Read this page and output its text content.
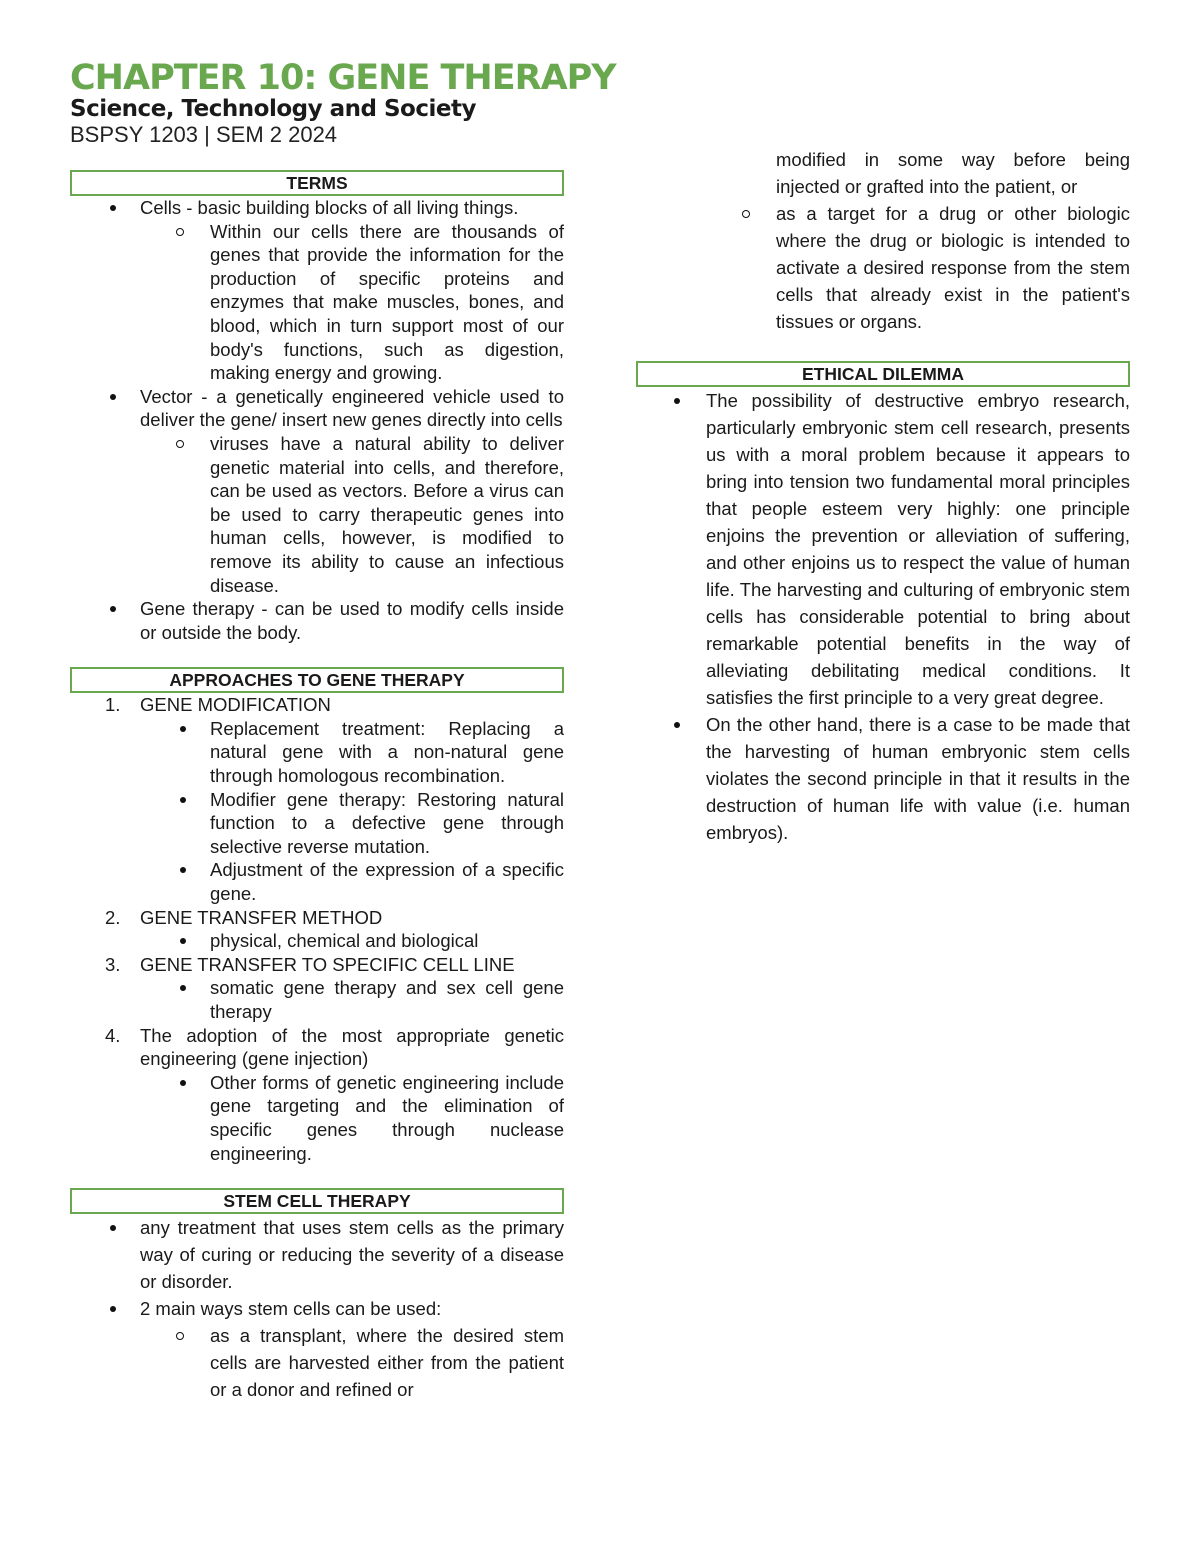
CHAPTER 10: GENE THERAPY
Science, Technology and Society
BSPSY 1203 | SEM 2 2024
TERMS
Cells - basic building blocks of all living things.
Within our cells there are thousands of genes that provide the information for the production of specific proteins and enzymes that make muscles, bones, and blood, which in turn support most of our body's functions, such as digestion, making energy and growing.
Vector - a genetically engineered vehicle used to deliver the gene/ insert new genes directly into cells
viruses have a natural ability to deliver genetic material into cells, and therefore, can be used as vectors. Before a virus can be used to carry therapeutic genes into human cells, however, is modified to remove its ability to cause an infectious disease.
Gene therapy - can be used to modify cells inside or outside the body.
APPROACHES TO GENE THERAPY
1. GENE MODIFICATION
Replacement treatment: Replacing a natural gene with a non-natural gene through homologous recombination.
Modifier gene therapy: Restoring natural function to a defective gene through selective reverse mutation.
Adjustment of the expression of a specific gene.
2. GENE TRANSFER METHOD
physical, chemical and biological
3. GENE TRANSFER TO SPECIFIC CELL LINE
somatic gene therapy and sex cell gene therapy
4. The adoption of the most appropriate genetic engineering (gene injection)
Other forms of genetic engineering include gene targeting and the elimination of specific genes through nuclease engineering.
STEM CELL THERAPY
any treatment that uses stem cells as the primary way of curing or reducing the severity of a disease or disorder.
2 main ways stem cells can be used:
as a transplant, where the desired stem cells are harvested either from the patient or a donor and refined or
modified in some way before being injected or grafted into the patient, or
as a target for a drug or other biologic where the drug or biologic is intended to activate a desired response from the stem cells that already exist in the patient's tissues or organs.
ETHICAL DILEMMA
The possibility of destructive embryo research, particularly embryonic stem cell research, presents us with a moral problem because it appears to bring into tension two fundamental moral principles that people esteem very highly: one principle enjoins the prevention or alleviation of suffering, and other enjoins us to respect the value of human life. The harvesting and culturing of embryonic stem cells has considerable potential to bring about remarkable potential benefits in the way of alleviating debilitating medical conditions. It satisfies the first principle to a very great degree.
On the other hand, there is a case to be made that the harvesting of human embryonic stem cells violates the second principle in that it results in the destruction of human life with value (i.e. human embryos).
